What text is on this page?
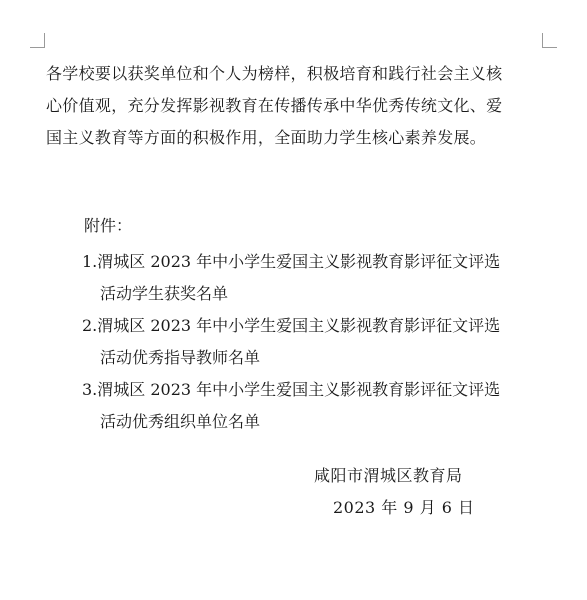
各学校要以获奖单位和个人为榜样，积极培育和践行社会主义核
心价值观，充分发挥影视教育在传播传承中华优秀传统文化、爱
国主义教育等方面的积极作用，全面助力学生核心素养发展。

附件：

1.渭城区 2023 年中小学生爱国主义影视教育影评征文评选
活动学生获奖名单
2.渭城区 2023 年中小学生爱国主义影视教育影评征文评选
活动优秀指导教师名单
3.渭城区 2023 年中小学生爱国主义影视教育影评征文评选
活动优秀组织单位名单

咸阳市渭城区教育局

2023 年 9 月 6 日
